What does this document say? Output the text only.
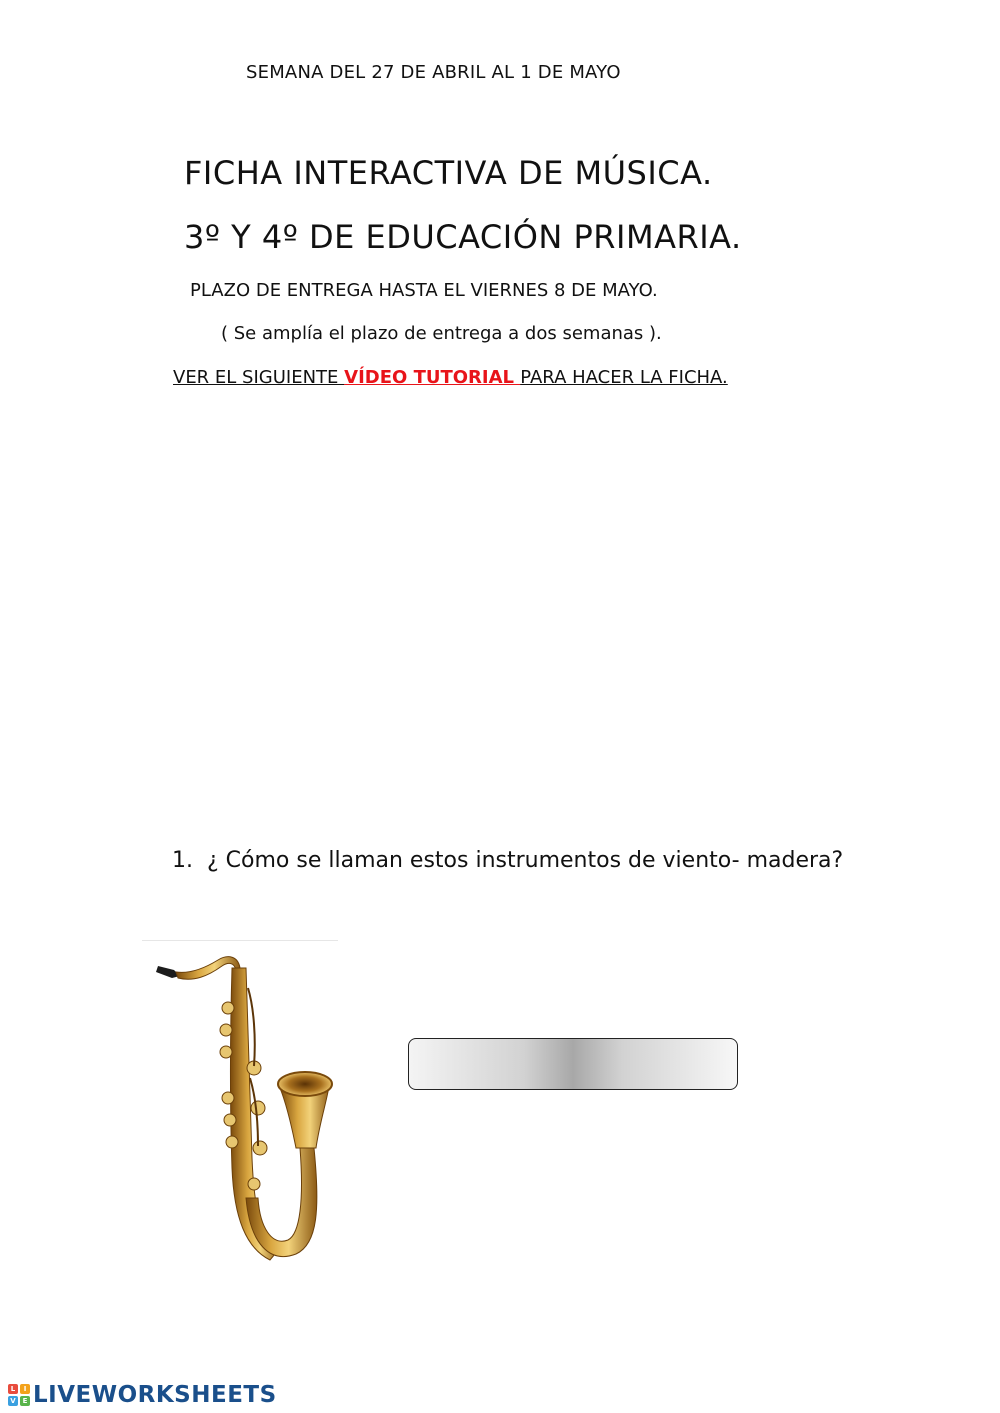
SEMANA DEL 27 DE ABRIL AL 1 DE MAYO
FICHA INTERACTIVA DE MÚSICA.
3º Y 4º DE EDUCACIÓN PRIMARIA.
PLAZO DE ENTREGA HASTA EL VIERNES 8 DE MAYO.
( Se amplía el plazo de entrega a dos semanas ).
VER EL SIGUIENTE VÍDEO TUTORIAL PARA HACER LA FICHA.
1. ¿ Cómo se llaman estos instrumentos de viento- madera?
L	I
V E LIVEWORKSHEETS
